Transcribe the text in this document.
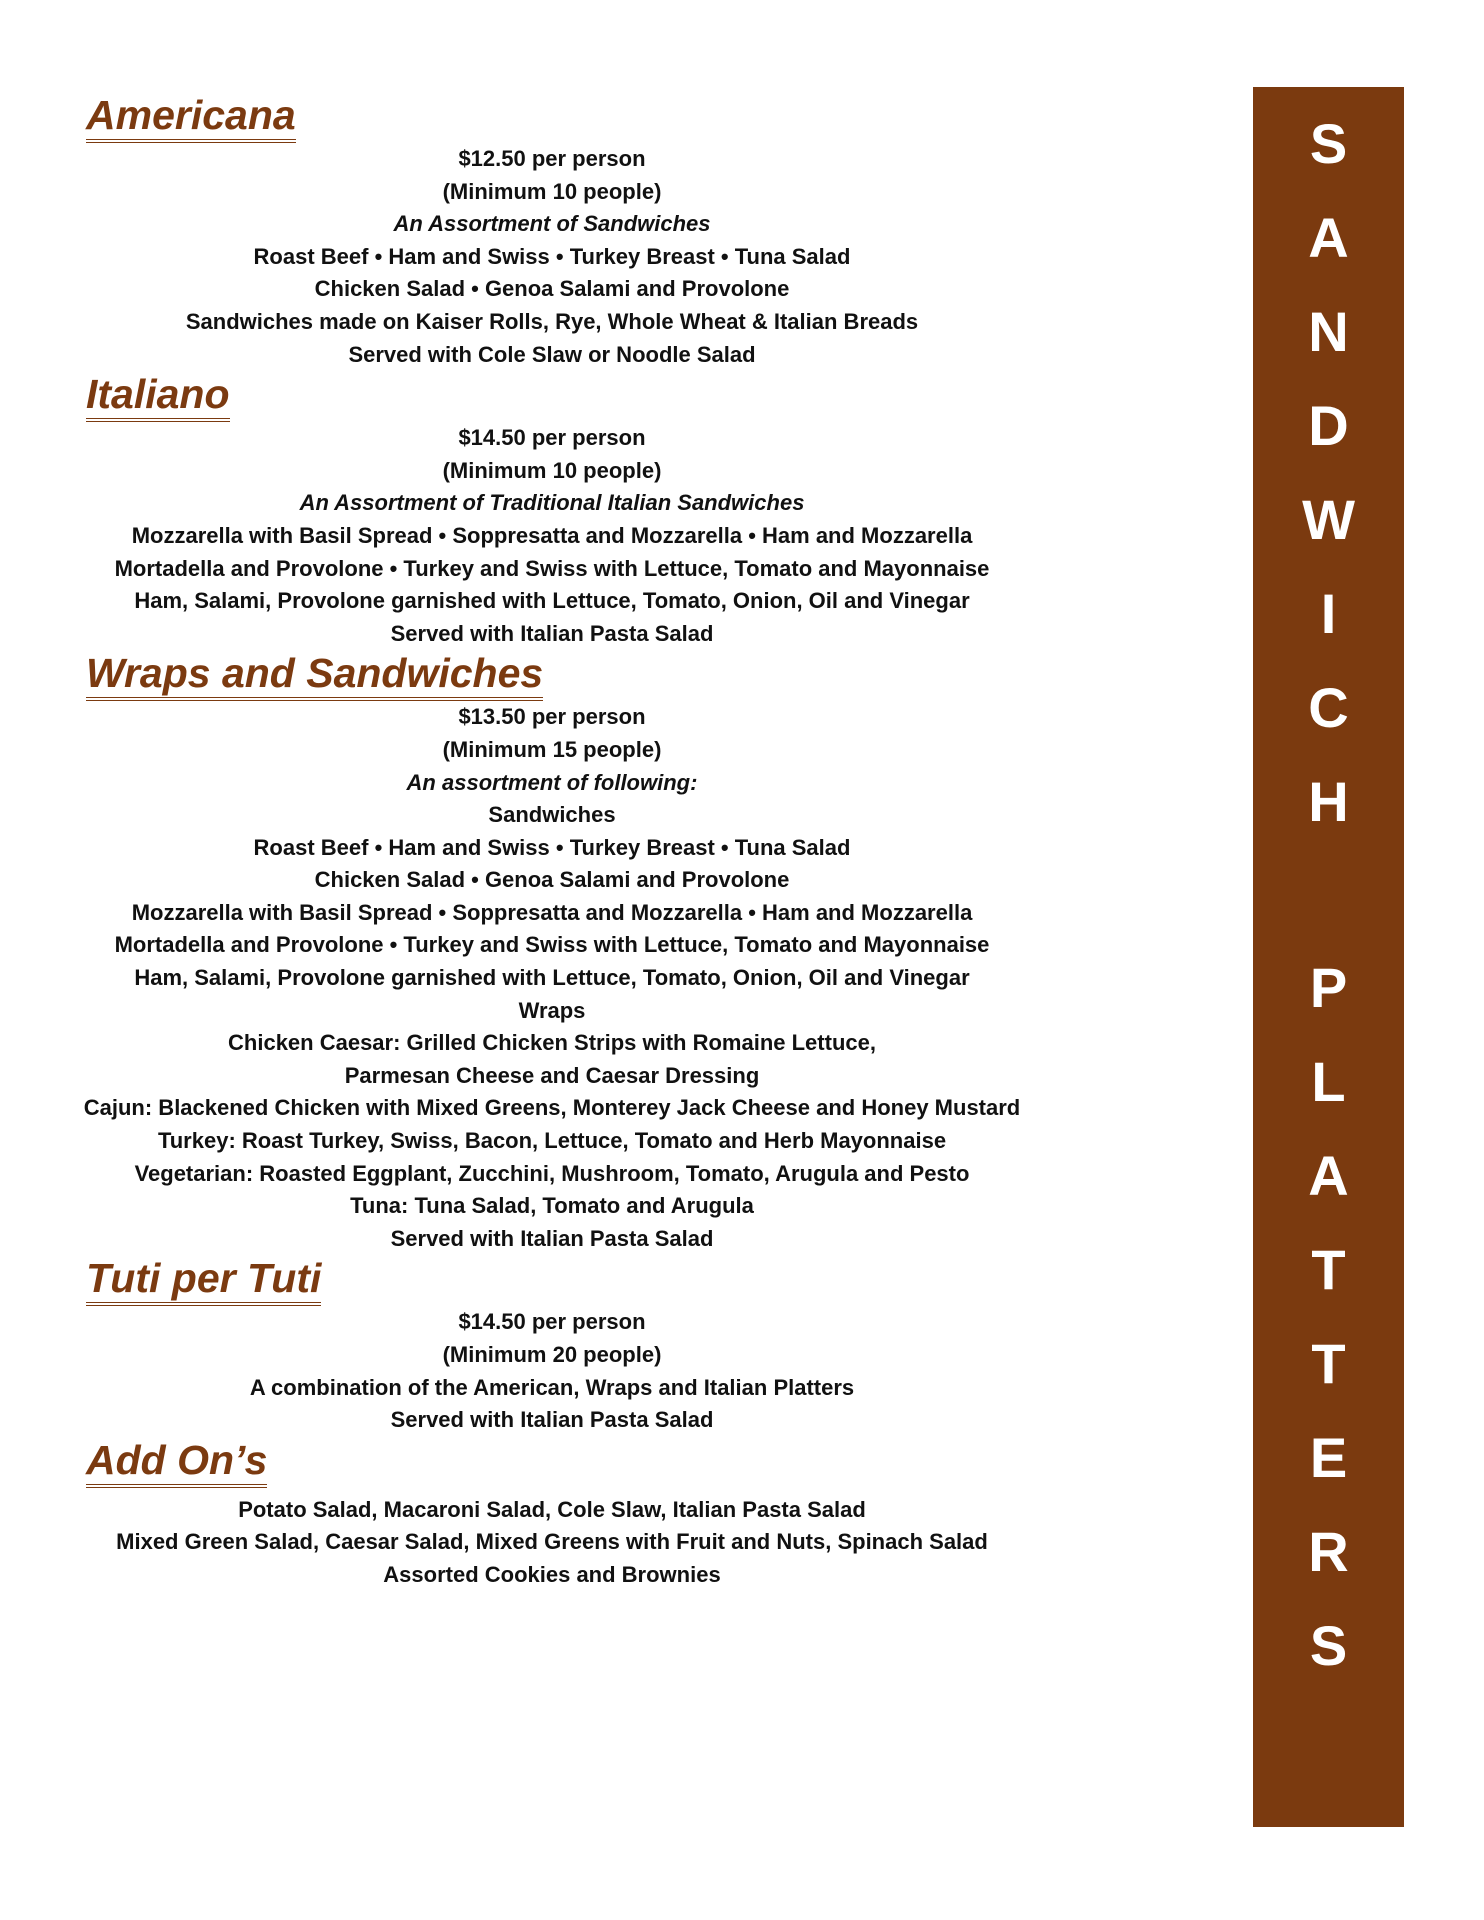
Americana

$12.50 per person

(Minimum 10 people)

An Assortment of Sandwiches

Roast Beef • Ham and Swiss • Turkey Breast • Tuna Salad

Chicken Salad • Genoa Salami and Provolone

Sandwiches made on Kaiser Rolls, Rye, Whole Wheat & Italian Breads

Served with Cole Slaw or Noodle Salad

Italiano

$14.50 per person

(Minimum 10 people)

An Assortment of Traditional Italian Sandwiches

Mozzarella with Basil Spread • Soppresatta and Mozzarella • Ham and Mozzarella

Mortadella and Provolone • Turkey and Swiss with Lettuce, Tomato and Mayonnaise

Ham, Salami, Provolone garnished with Lettuce, Tomato, Onion, Oil and Vinegar

Served with Italian Pasta Salad

Wraps and Sandwiches

$13.50 per person

(Minimum 15 people)

An assortment of following:

Sandwiches

Roast Beef • Ham and Swiss • Turkey Breast • Tuna Salad

Chicken Salad • Genoa Salami and Provolone

Mozzarella with Basil Spread • Soppresatta and Mozzarella • Ham and Mozzarella

Mortadella and Provolone • Turkey and Swiss with Lettuce, Tomato and Mayonnaise

Ham, Salami, Provolone garnished with Lettuce, Tomato, Onion, Oil and Vinegar

Wraps

Chicken Caesar: Grilled Chicken Strips with Romaine Lettuce,

Parmesan Cheese and Caesar Dressing

Cajun: Blackened Chicken with Mixed Greens, Monterey Jack Cheese and Honey Mustard

Turkey: Roast Turkey, Swiss, Bacon, Lettuce, Tomato and Herb Mayonnaise

Vegetarian: Roasted Eggplant, Zucchini, Mushroom, Tomato, Arugula and Pesto

Tuna: Tuna Salad, Tomato and Arugula

Served with Italian Pasta Salad

Tuti per Tuti

$14.50 per person

(Minimum 20 people)

A combination of the American, Wraps and Italian Platters

Served with Italian Pasta Salad

Add On’s

Potato Salad, Macaroni Salad, Cole Slaw, Italian Pasta Salad

Mixed Green Salad, Caesar Salad, Mixed Greens with Fruit and Nuts, Spinach Salad

Assorted Cookies and Brownies

S
A
N
D
W
I
C
H
P
L
A
T
T
E
R
S
